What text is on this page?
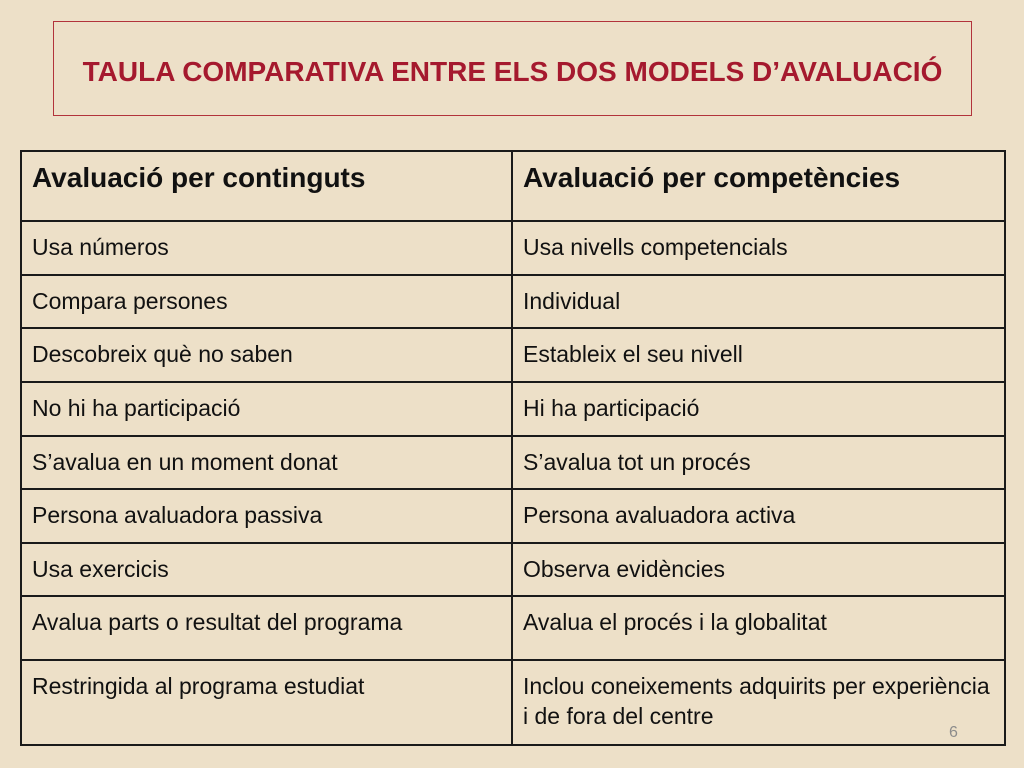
TAULA COMPARATIVA ENTRE ELS DOS MODELS D’AVALUACIÓ
Avaluació per continguts	Avaluació per competències
Usa números	Usa nivells competencials
Compara persones	Individual
Descobreix què no saben	Estableix el seu nivell
No hi ha participació	Hi ha participació
S’avalua en un moment donat	S’avalua tot un procés
Persona avaluadora passiva	Persona avaluadora activa
Usa exercicis	Observa evidències
Avalua parts o resultat del programa	Avalua el procés i la globalitat
Restringida al programa estudiat	Inclou coneixements adquirits per experiència i de fora del centre
6
